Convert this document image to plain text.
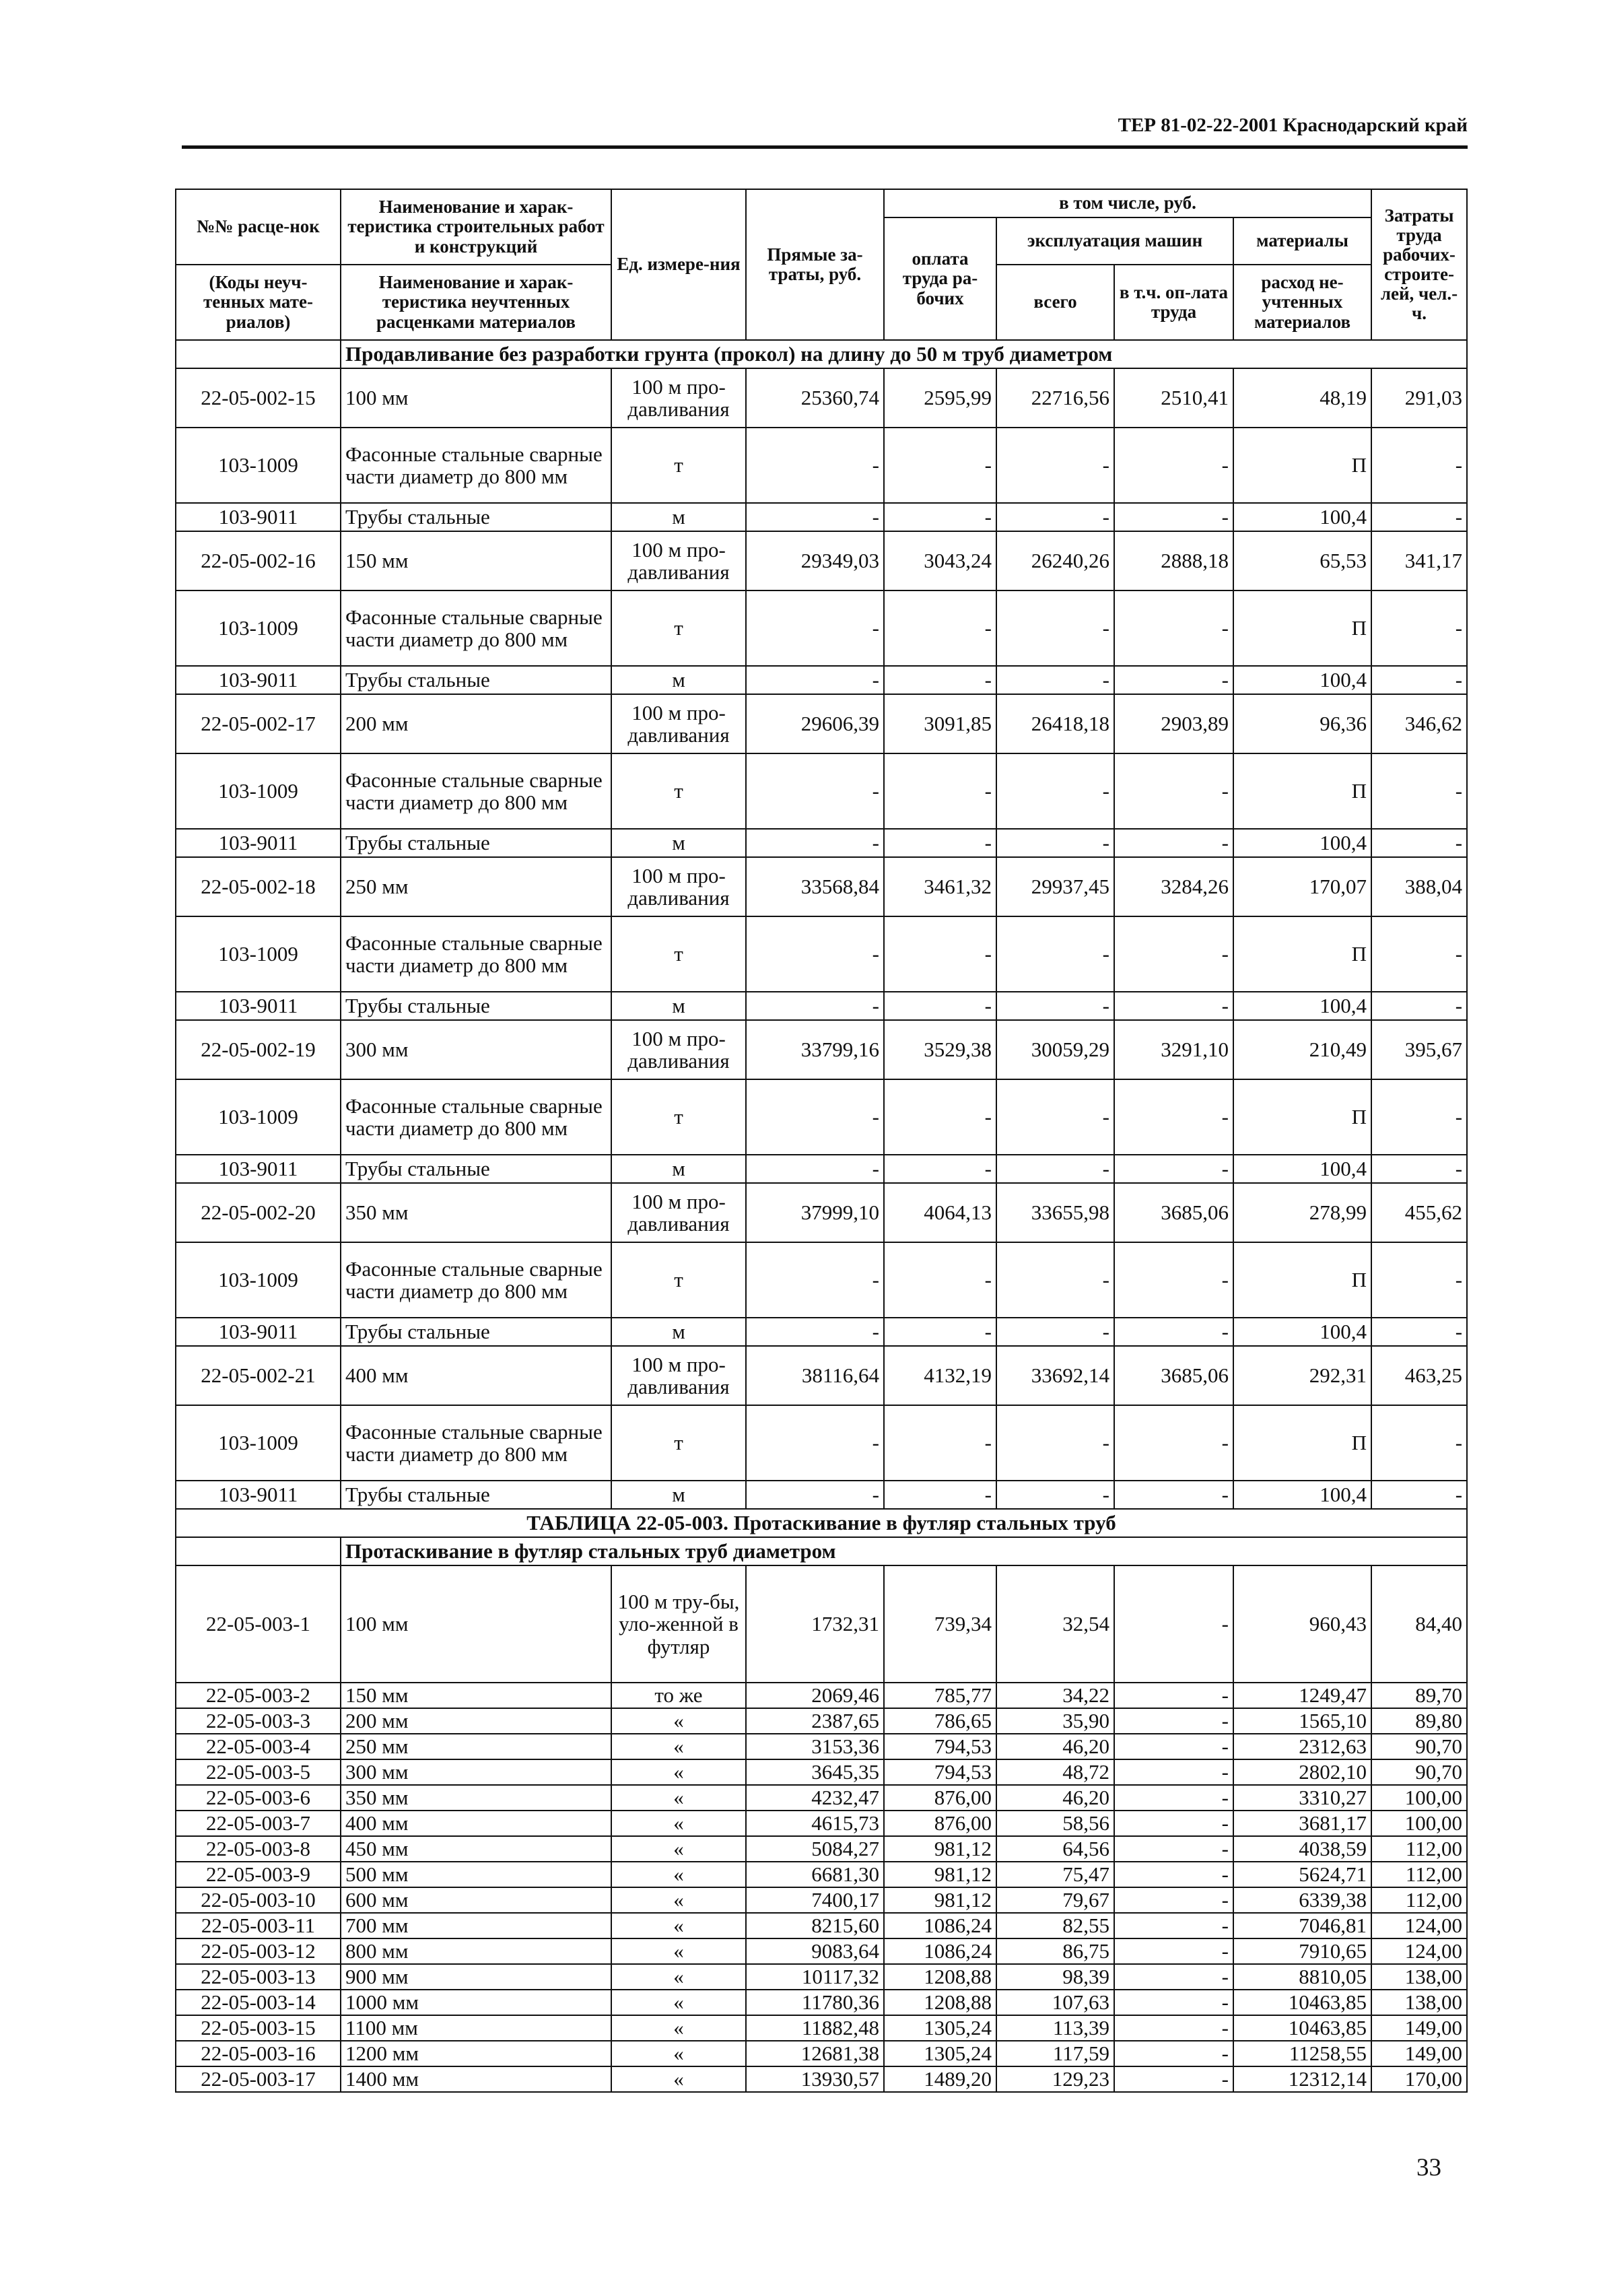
ТЕР 81-02-22-2001 Краснодарский край
№№ расце-нок	Наименование и харак-теристика строительных работ и конструкций	Ед. измере-ния	Прямые за-траты, руб.	в том числе, руб.				Затраты труда рабочих-строите-лей, чел.-ч.
				оплата труда ра-бочих	эксплуатация машин		материалы	
(Коды неуч-тенных мате-риалов)	Наименование и харак-теристика неучтенных расценками материалов				всего	в т.ч. оп-лата труда	расход не-учтенных материалов	

	Продавливание без разработки грунта (прокол) на длину до 50 м труб диаметром							
22-05-002-15	100 мм	100 м про-давливания	25360,74	2595,99	22716,56	2510,41	48,19	291,03
103-1009	Фасонные стальные сварные части диаметр до 800 мм	т	-	-	-	-	П	-
103-9011	Трубы стальные	м	-	-	-	-	100,4	-
22-05-002-16	150 мм	100 м про-давливания	29349,03	3043,24	26240,26	2888,18	65,53	341,17
103-1009	Фасонные стальные сварные части диаметр до 800 мм	т	-	-	-	-	П	-
103-9011	Трубы стальные	м	-	-	-	-	100,4	-
22-05-002-17	200 мм	100 м про-давливания	29606,39	3091,85	26418,18	2903,89	96,36	346,62
103-1009	Фасонные стальные сварные части диаметр до 800 мм	т	-	-	-	-	П	-
103-9011	Трубы стальные	м	-	-	-	-	100,4	-
22-05-002-18	250 мм	100 м про-давливания	33568,84	3461,32	29937,45	3284,26	170,07	388,04
103-1009	Фасонные стальные сварные части диаметр до 800 мм	т	-	-	-	-	П	-
103-9011	Трубы стальные	м	-	-	-	-	100,4	-
22-05-002-19	300 мм	100 м про-давливания	33799,16	3529,38	30059,29	3291,10	210,49	395,67
103-1009	Фасонные стальные сварные части диаметр до 800 мм	т	-	-	-	-	П	-
103-9011	Трубы стальные	м	-	-	-	-	100,4	-
22-05-002-20	350 мм	100 м про-давливания	37999,10	4064,13	33655,98	3685,06	278,99	455,62
103-1009	Фасонные стальные сварные части диаметр до 800 мм	т	-	-	-	-	П	-
103-9011	Трубы стальные	м	-	-	-	-	100,4	-
22-05-002-21	400 мм	100 м про-давливания	38116,64	4132,19	33692,14	3685,06	292,31	463,25
103-1009	Фасонные стальные сварные части диаметр до 800 мм	т	-	-	-	-	П	-
103-9011	Трубы стальные	м	-	-	-	-	100,4	-
ТАБЛИЦА 22-05-003. Протаскивание в футляр стальных труб								
	Протаскивание в футляр стальных труб диаметром							
22-05-003-1	100 мм	100 м тру-бы, уло-женной в футляр	1732,31	739,34	32,54	-	960,43	84,40
22-05-003-2	150 мм	то же	2069,46	785,77	34,22	-	1249,47	89,70
22-05-003-3	200 мм	«	2387,65	786,65	35,90	-	1565,10	89,80
22-05-003-4	250 мм	«	3153,36	794,53	46,20	-	2312,63	90,70
22-05-003-5	300 мм	«	3645,35	794,53	48,72	-	2802,10	90,70
22-05-003-6	350 мм	«	4232,47	876,00	46,20	-	3310,27	100,00
22-05-003-7	400 мм	«	4615,73	876,00	58,56	-	3681,17	100,00
22-05-003-8	450 мм	«	5084,27	981,12	64,56	-	4038,59	112,00
22-05-003-9	500 мм	«	6681,30	981,12	75,47	-	5624,71	112,00
22-05-003-10	600 мм	«	7400,17	981,12	79,67	-	6339,38	112,00
22-05-003-11	700 мм	«	8215,60	1086,24	82,55	-	7046,81	124,00
22-05-003-12	800 мм	«	9083,64	1086,24	86,75	-	7910,65	124,00
22-05-003-13	900 мм	«	10117,32	1208,88	98,39	-	8810,05	138,00
22-05-003-14	1000 мм	«	11780,36	1208,88	107,63	-	10463,85	138,00
22-05-003-15	1100 мм	«	11882,48	1305,24	113,39	-	10463,85	149,00
22-05-003-16	1200 мм	«	12681,38	1305,24	117,59	-	11258,55	149,00
22-05-003-17	1400 мм	«	13930,57	1489,20	129,23	-	12312,14	170,00
33
